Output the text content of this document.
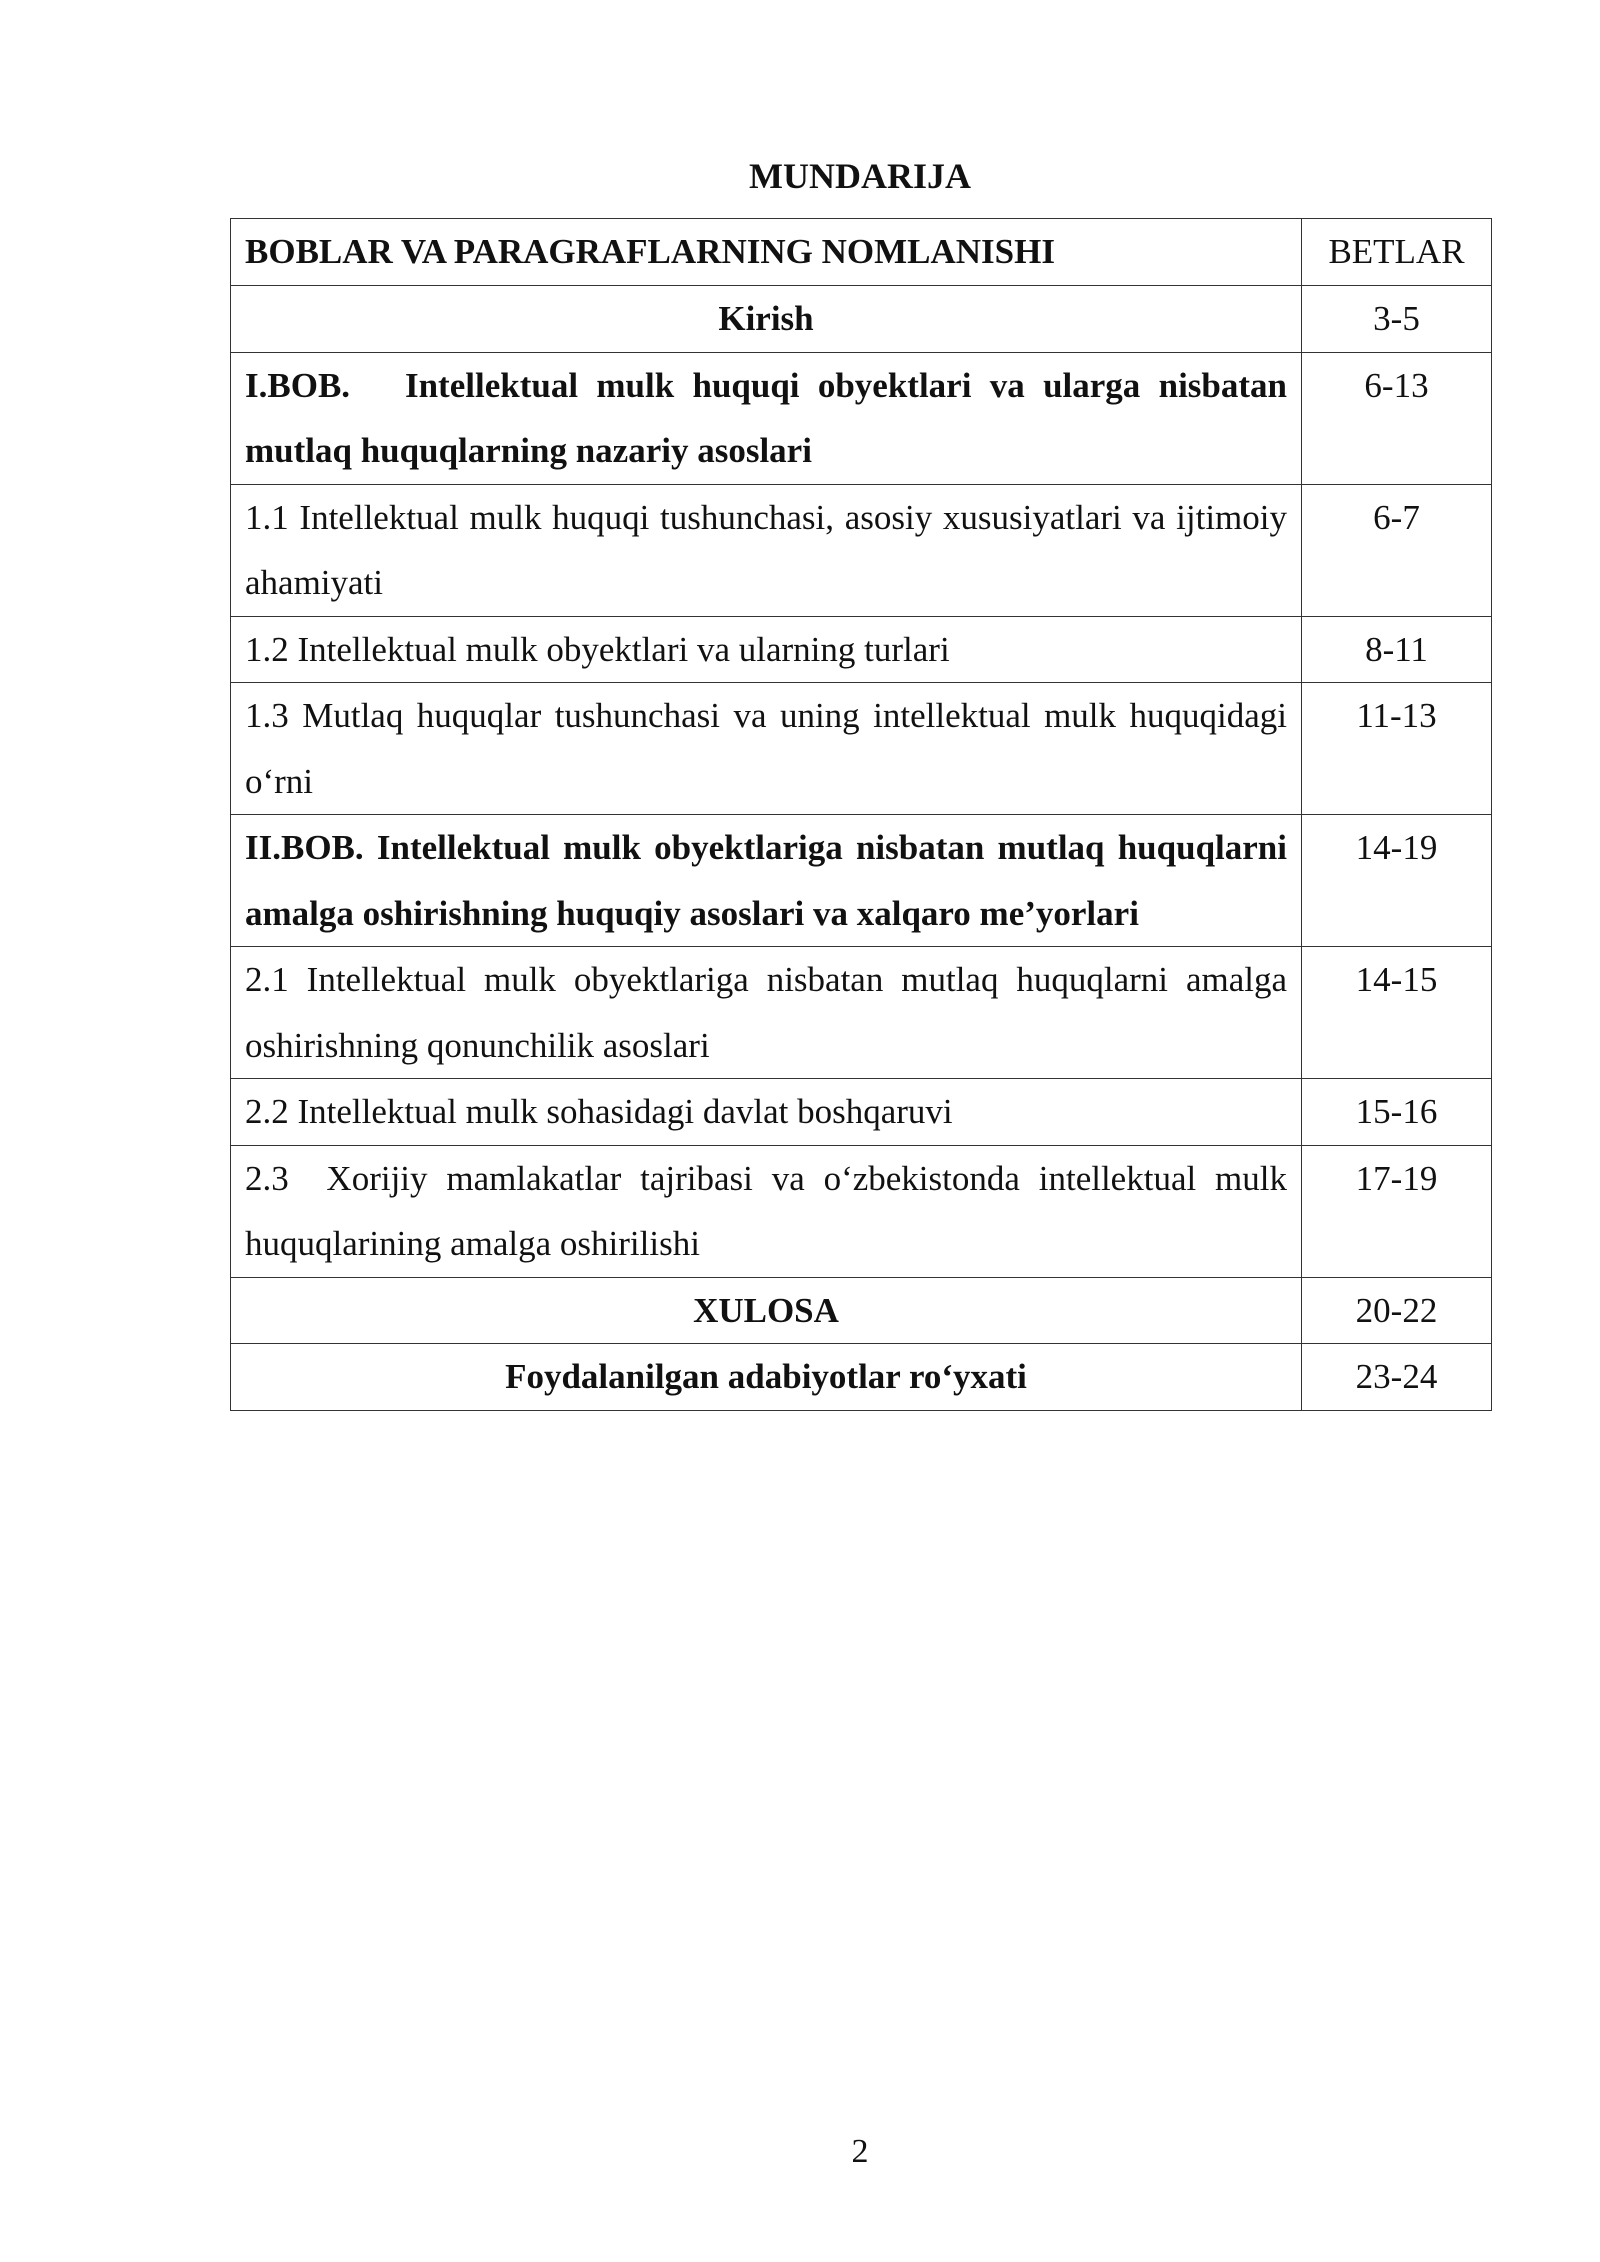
MUNDARIJA
BOBLAR VA PARAGRAFLARNING NOMLANISHI	BETLAR
Kirish	3-5
I.BOB.   Intellektual mulk huquqi obyektlari va ularga nisbatan mutlaq huquqlarning nazariy asoslari	6-13
1.1 Intellektual mulk huquqi tushunchasi, asosiy xususiyatlari va ijtimoiy ahamiyati	6-7
1.2 Intellektual mulk obyektlari va ularning turlari	8-11
1.3 Mutlaq huquqlar tushunchasi va uning intellektual mulk huquqidagi o‘rni	11-13
II.BOB. Intellektual mulk obyektlariga nisbatan mutlaq huquqlarni amalga oshirishning huquqiy asoslari va xalqaro me’yorlari	14-19
2.1 Intellektual mulk obyektlariga nisbatan mutlaq huquqlarni amalga oshirishning qonunchilik asoslari	14-15
2.2 Intellektual mulk sohasidagi davlat boshqaruvi	15-16
2.3  Xorijiy mamlakatlar tajribasi va o‘zbekistonda intellektual mulk huquqlarining amalga oshirilishi	17-19
XULOSA	20-22
Foydalanilgan adabiyotlar ro‘yxati	23-24
2
